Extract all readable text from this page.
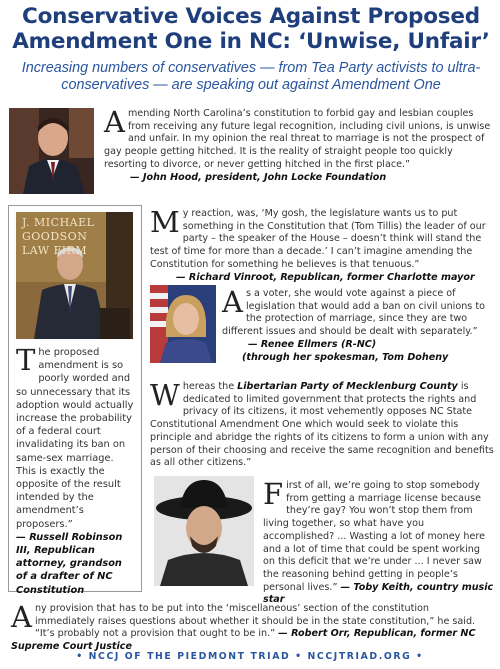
Conservative Voices Against Proposed Amendment One in NC: ‘Unwise, Unfair’
Increasing numbers of conservatives — from Tea Party activists to ultra-conservatives — are speaking out against Amendment One
Amending North Carolina’s constitution to forbid gay and lesbian couples from receiving any future legal recognition, including civil unions, is unwise and unfair. In my opinion the real threat to marriage is not the prospect of gay people getting hitched. It is the reality of straight people too quickly resorting to divorce, or never getting hitched in the first place.”
— John Hood, president, John Locke Foundation
J. MICHAEL GOODSON LAW FIRM
The proposed amendment is so poorly worded and so unnecessary that its adoption would actually increase the probability of a federal court invalidating its ban on same-sex marriage. This is exactly the opposite of the result intended by the amendment’s proposers.”
— Russell Robinson III, Republican attorney, grandson of a drafter of NC Constitution
My reaction, was, ‘My gosh, the legislature wants us to put something in the Constitution that (Tom Tillis) the leader of our party – the speaker of the House – doesn’t think will stand the test of time for more than a decade.’ I can’t imagine amending the Constitution for something he believes is that tenuous.”
— Richard Vinroot, Republican, former Charlotte mayor
As a voter, she would vote against a piece of legislation that would add a ban on civil unions to the protection of marriage, since they are two different issues and should be dealt with separately.”
— Renee Ellmers (R-NC)
(through her spokesman, Tom Doheny
Whereas the Libertarian Party of Mecklenburg County is dedicated to limited government that protects the rights and privacy of its citizens, it most vehemently opposes NC State Constitutional Amendment One which would seek to violate this principle and abridge the rights of its citizens to form a union with any person of their choosing and receive the same recognition and benefits as all other citizens.”
First of all, we’re going to stop somebody from getting a marriage license because they’re gay? You won’t stop them from living together, so what have you accomplished? ... Wasting a lot of money here and a lot of time that could be spent working on this deficit that we’re under ... I never saw the reasoning behind getting in people’s personal lives.” — Toby Keith, country music star
Any provision that has to be put into the ‘miscellaneous’ section of the constitution immediately raises questions about whether it should be in the state constitution,” he said. “It’s probably not a provision that ought to be in.” — Robert Orr, Republican, former NC Supreme Court Justice
• NCCJ OF THE PIEDMONT TRIAD • NCCJTRIAD.ORG •
